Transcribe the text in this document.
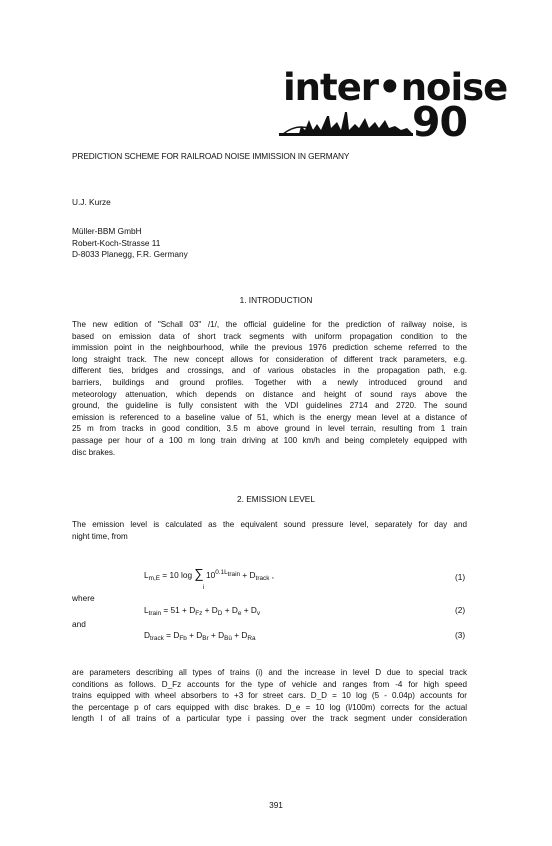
inter•noise
90
PREDICTION SCHEME FOR RAILROAD NOISE IMMISSION IN GERMANY
U.J. Kurze
Müller-BBM GmbH
Robert-Koch-Strasse 11
D-8033 Planegg, F.R. Germany
1. INTRODUCTION
The new edition of "Schall 03" /1/, the official guideline for the prediction of railway noise, is
based on emission data of short track segments with uniform propagation condition to the
immission point in the neighbourhood, while the previous 1976 prediction scheme referred to the
long straight track. The new concept allows for consideration of different track parameters, e.g.
different ties, bridges and crossings, and of various obstacles in the propagation path, e.g.
barriers, buildings and ground profiles. Together with a newly introduced ground and
meteorology attenuation, which depends on distance and height of sound rays above the
ground, the guideline is fully consistent with the VDI guidelines 2714 and 2720. The sound
emission is referenced to a baseline value of 51, which is the energy mean level at a distance of
25 m from tracks in good condition, 3.5 m above ground in level terrain, resulting from 1 train
passage per hour of a 100 m long train driving at 100 km/h and being completely equipped with
disc brakes.
2. EMISSION LEVEL
The emission level is calculated as the equivalent sound pressure level, separately for day and
night time, from
$L_{m,E} = 10$ log ∑ $10^{0.1L_{train}} + D_{track}$ ,
i
(1)
where
$L_{train} = 51 + D_{Fz} + D_D + D_e + D_v$	(2)
and
$D_{track} = D_{Fb} + D_{Br} + D_{Bü} + D_{Ra}$	(3)
are parameters describing all types of trains (i) and the increase in level D due to special track
conditions as follows. D_Fz accounts for the type of vehicle and ranges from -4 for high speed
trains equipped with wheel absorbers to +3 for street cars. D_D = 10 log (5 - 0.04p) accounts for
the percentage p of cars equipped with disc brakes. D_e = 10 log (l/100m) corrects for the actual
length l of all trains of a particular type i passing over the track segment under consideration
391
